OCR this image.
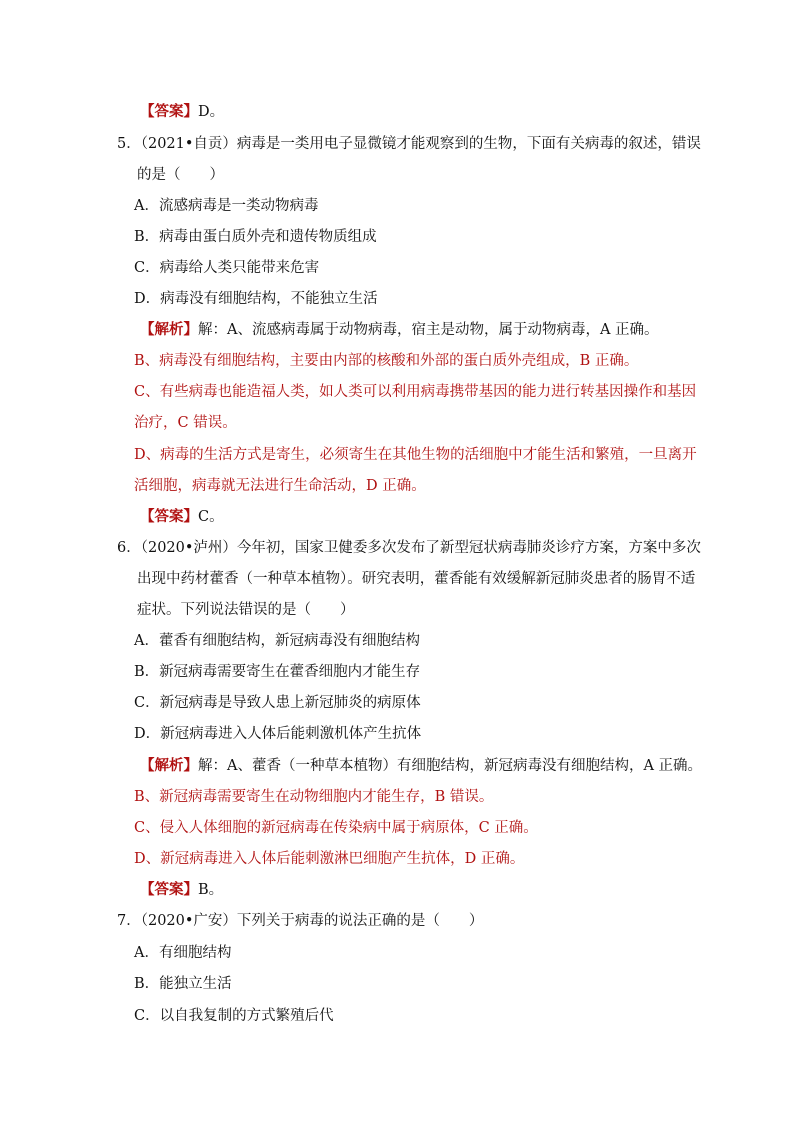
【答案】D。
5．（2021•自贡）病毒是一类用电子显微镜才能观察到的生物，下面有关病毒的叙述，错误
的是（　　）
A．流感病毒是一类动物病毒
B．病毒由蛋白质外壳和遗传物质组成
C．病毒给人类只能带来危害
D．病毒没有细胞结构，不能独立生活
【解析】解：A、流感病毒属于动物病毒，宿主是动物，属于动物病毒，A 正确。
B、病毒没有细胞结构，主要由内部的核酸和外部的蛋白质外壳组成，B 正确。
C、有些病毒也能造福人类，如人类可以利用病毒携带基因的能力进行转基因操作和基因
治疗，C 错误。
D、病毒的生活方式是寄生，必须寄生在其他生物的活细胞中才能生活和繁殖，一旦离开
活细胞，病毒就无法进行生命活动，D 正确。
【答案】C。
6．（2020•泸州）今年初，国家卫健委多次发布了新型冠状病毒肺炎诊疗方案，方案中多次
出现中药材藿香（一种草本植物）。研究表明，藿香能有效缓解新冠肺炎患者的肠胃不适
症状。下列说法错误的是（　　）
A．藿香有细胞结构，新冠病毒没有细胞结构
B．新冠病毒需要寄生在藿香细胞内才能生存
C．新冠病毒是导致人患上新冠肺炎的病原体
D．新冠病毒进入人体后能刺激机体产生抗体
【解析】解：A、藿香（一种草本植物）有细胞结构，新冠病毒没有细胞结构，A 正确。
B、新冠病毒需要寄生在动物细胞内才能生存，B 错误。
C、侵入人体细胞的新冠病毒在传染病中属于病原体，C 正确。
D、新冠病毒进入人体后能刺激淋巴细胞产生抗体，D 正确。
【答案】B。
7．（2020•广安）下列关于病毒的说法正确的是（　　）
A．有细胞结构
B．能独立生活
C．以自我复制的方式繁殖后代
